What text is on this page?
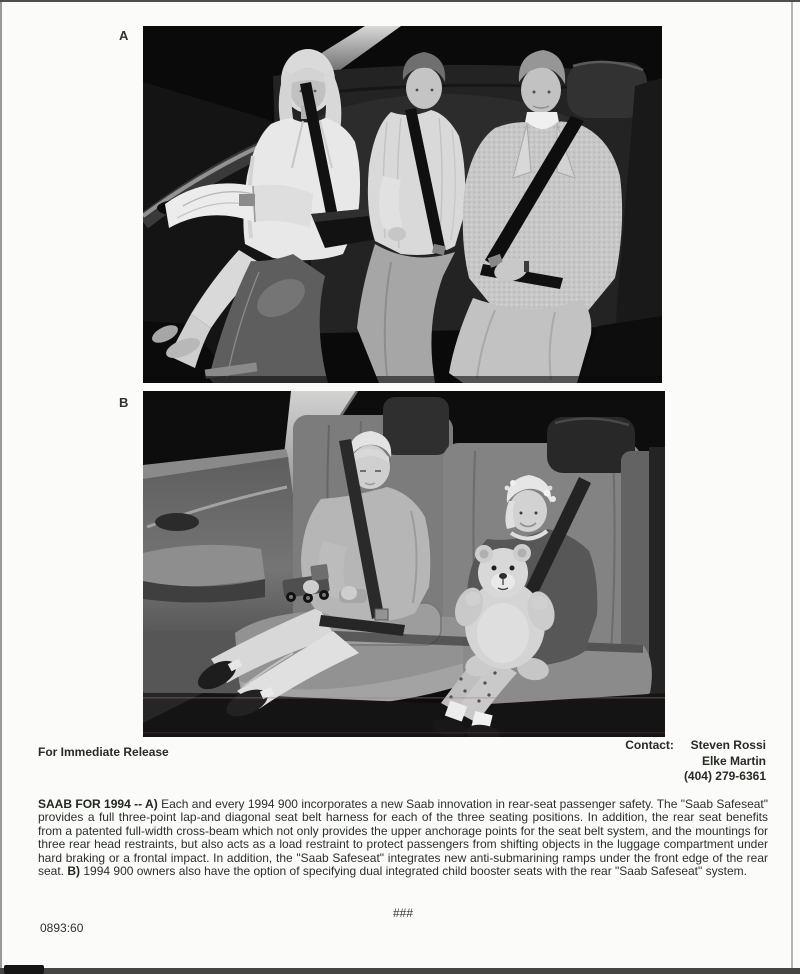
A
B
For Immediate Release	Contact:	Steven Rossi
Elke Martin
(404) 279-6361

SAAB FOR 1994 -- A) Each and every 1994 900 incorporates a new Saab innovation in rear-seat passenger safety. The "Saab Safeseat" provides a full three-point lap-and diagonal seat belt harness for each of the three seating positions. In addition, the rear seat benefits from a patented full-width cross-beam which not only provides the upper anchorage points for the seat belt system, and the mountings for three rear head restraints, but also acts as a load restraint to protect passengers from shifting objects in the luggage compartment under hard braking or a frontal impact. In addition, the "Saab Safeseat" integrates new anti-submarining ramps under the front edge of the rear seat. B) 1994 900 owners also have the option of specifying dual integrated child booster seats with the rear "Saab Safeseat" system.

###
0893:60
